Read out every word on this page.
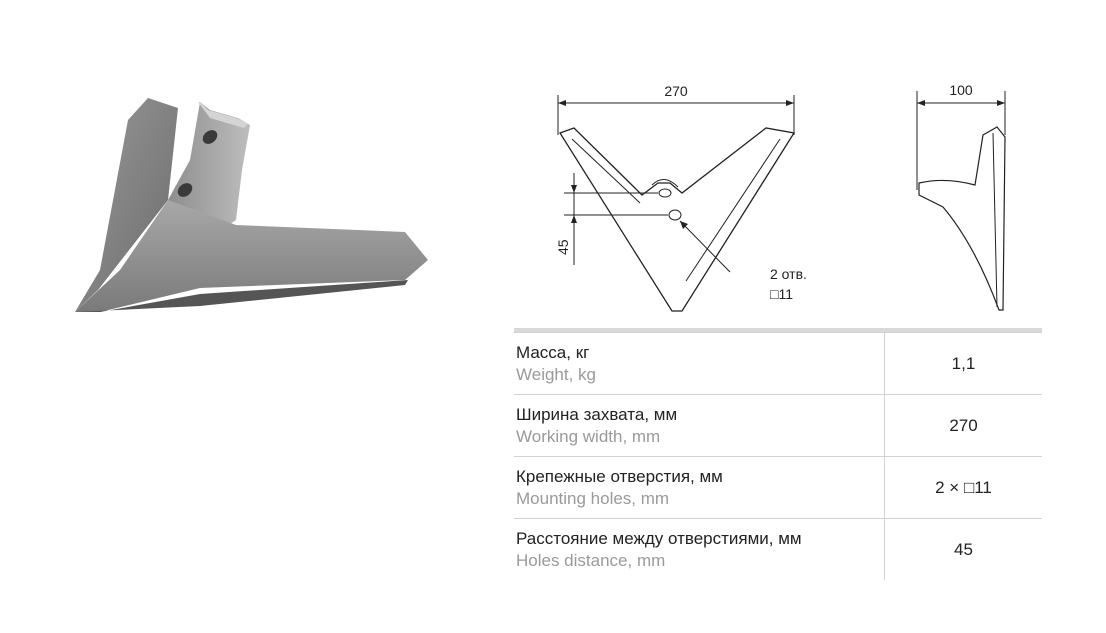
270
45
2 отв.
□11
100

Масса, кг
Weight, kg	1,1

Ширина захвата, мм
Working width, mm	270

Крепежные отверстия, мм
Mounting holes, mm	2 × □11

Расстояние между отверстиями, мм
Holes distance, mm	45
